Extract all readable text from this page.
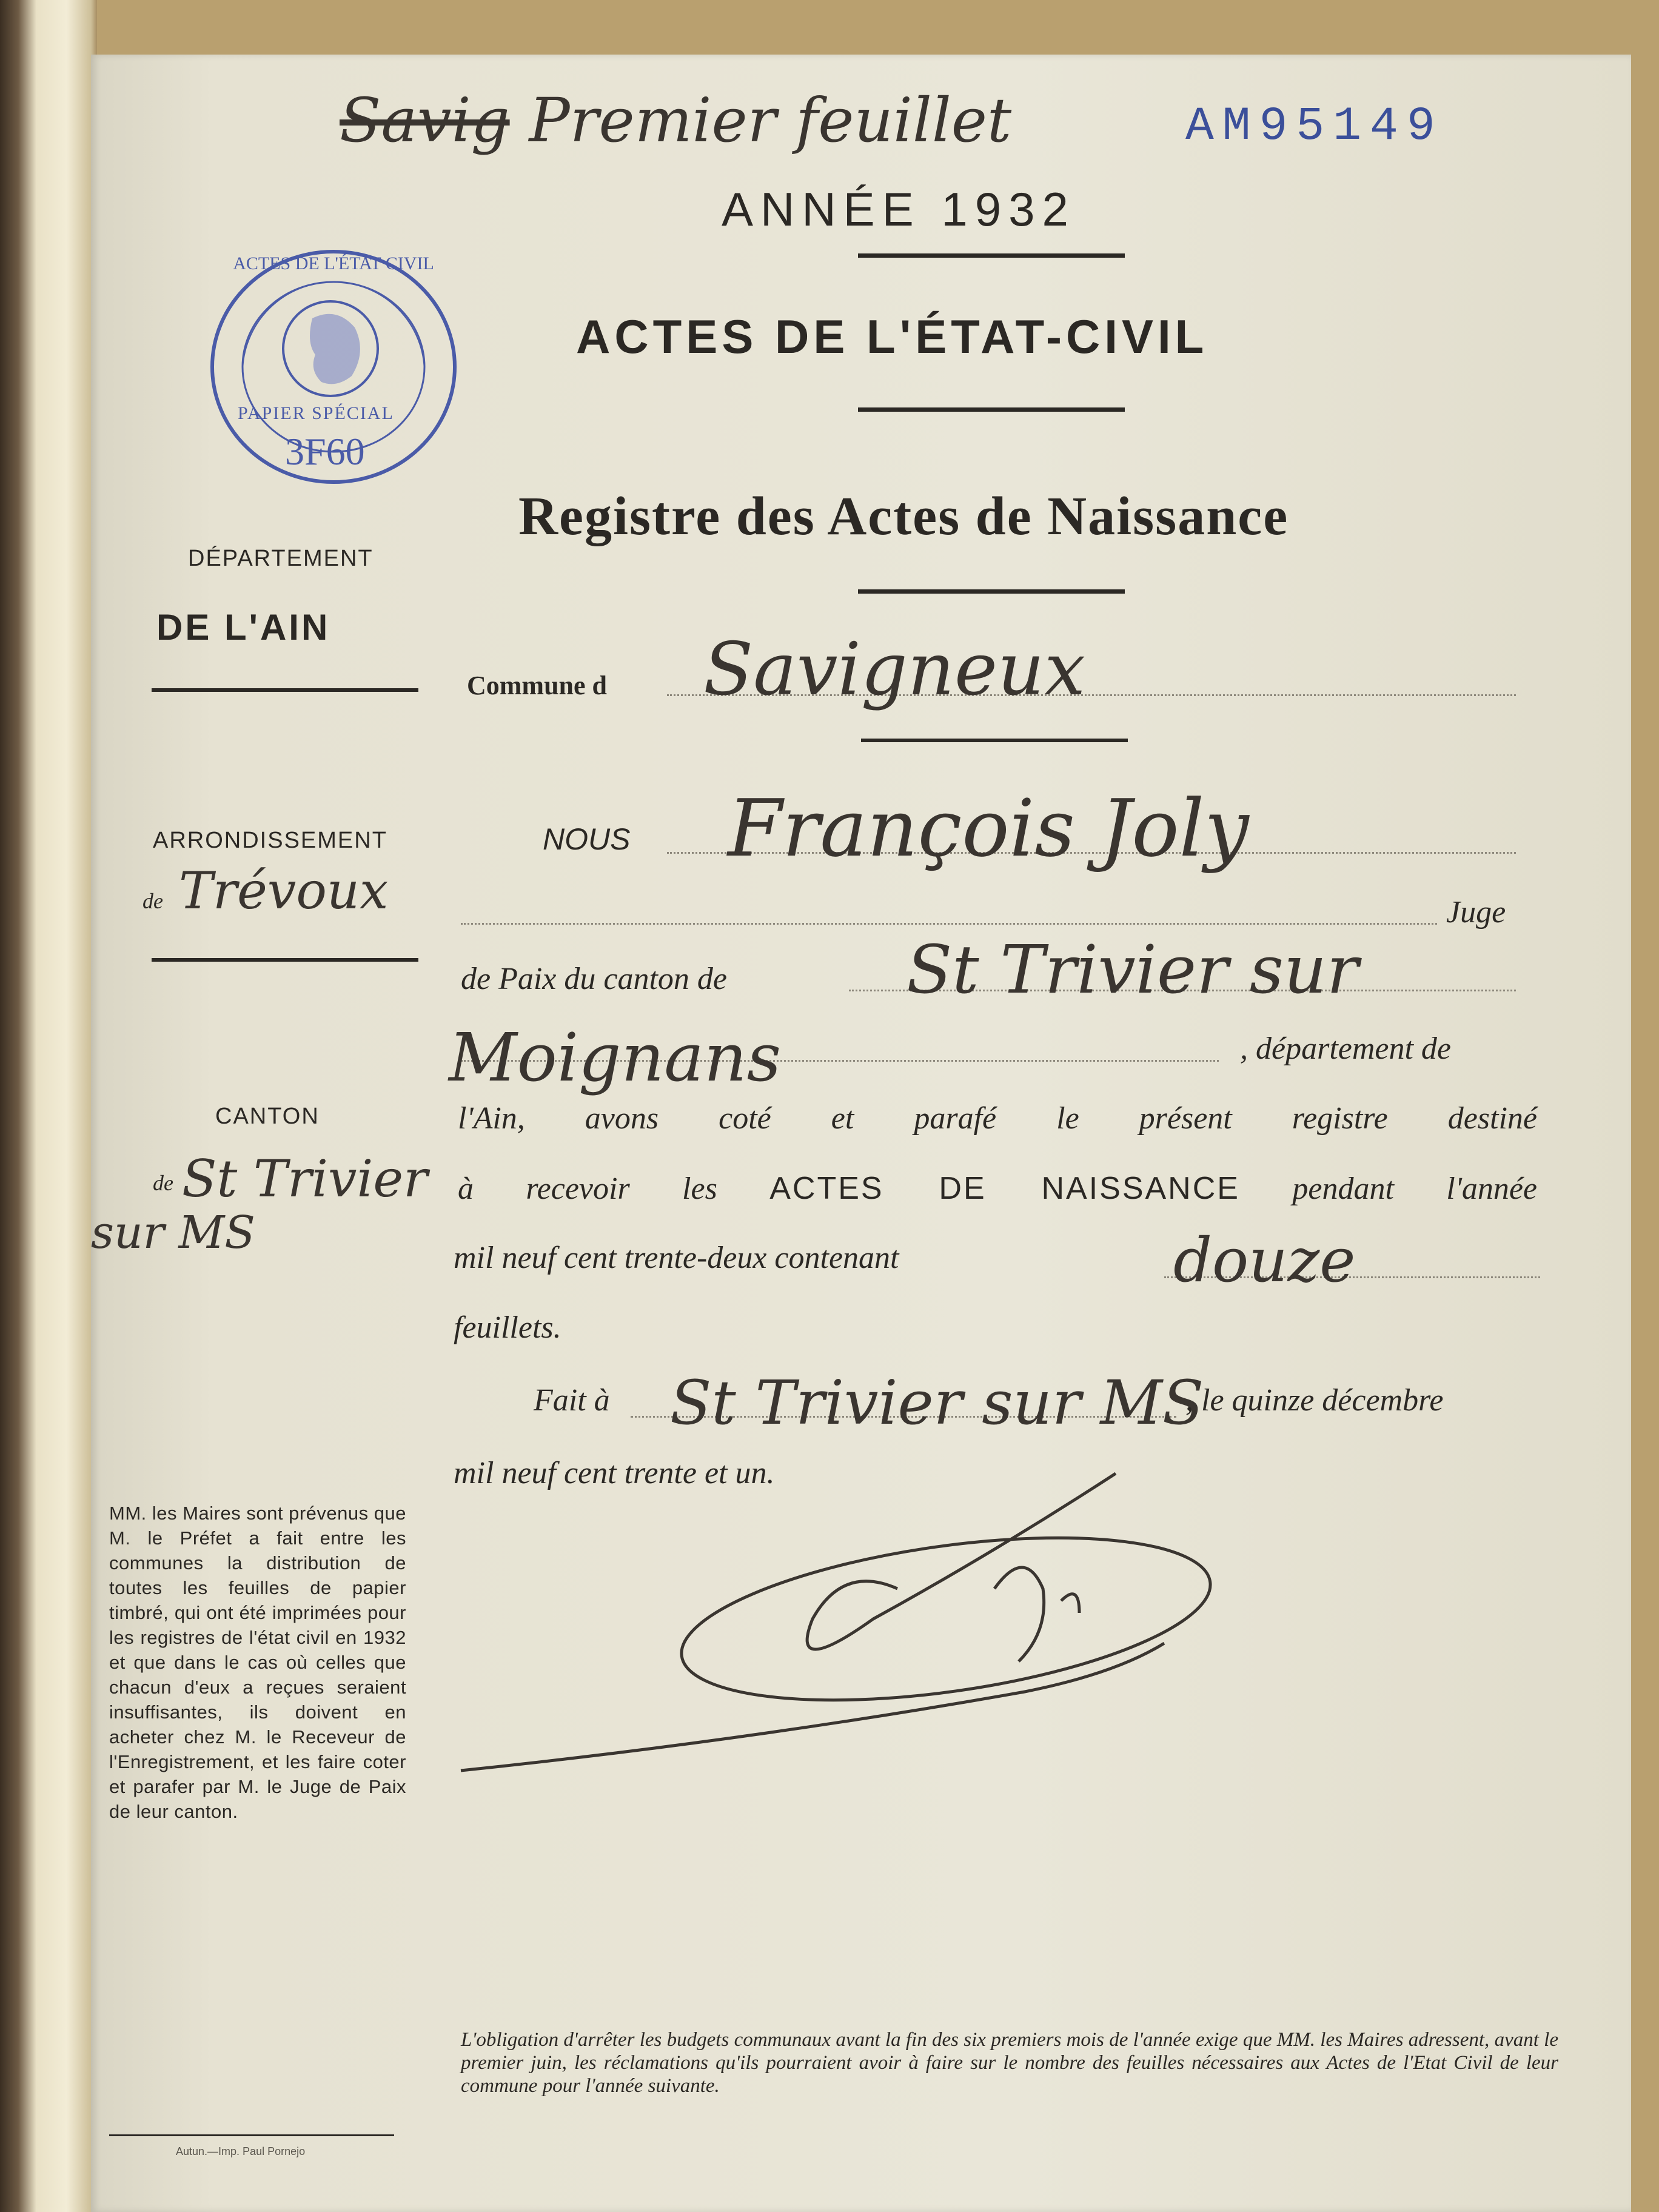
AM95149
Savig Premier feuillet
ANNÉE 1932
ACTES DE L'ÉTAT-CIVIL
Registre des Actes de Naissance
ACTES DE L'ÉTAT CIVIL
PAPIER SPÉCIAL
3F60
DÉPARTEMENT
DE L'AIN
ARRONDISSEMENT
de Trévoux
CANTON
de St Trivier
sur MS
MM. les Maires sont prévenus que M. le Préfet a fait entre les communes la distribution de toutes les feuilles de papier timbré, qui ont été imprimées pour les registres de l'état civil en 1932 et que dans le cas où celles que chacun d'eux a reçues seraient insuffisantes, ils doivent en acheter chez M. le Receveur de l'Enregistrement, et les faire coter et parafer par M. le Juge de Paix de leur canton.
Commune d Savigneux
NOUS François Joly
Juge
de Paix du canton de	St Trivier sur
Moignans	, département de
l'Ain, avons coté et parafé le présent registre destiné
à recevoir les ACTES DE NAISSANCE pendant l'année
mil neuf cent trente-deux contenant	douze
feuillets.
Fait à St Trivier sur MS
, le quinze décembre
mil neuf cent trente et un.
L'obligation d'arrêter les budgets communaux avant la fin des six premiers mois de l'année exige que MM. les Maires adressent, avant le premier juin, les réclamations qu'ils pourraient avoir à faire sur le nombre des feuilles nécessaires aux Actes de l'Etat Civil de leur commune pour l'année suivante.
Autun.—Imp. Paul Pornejo
